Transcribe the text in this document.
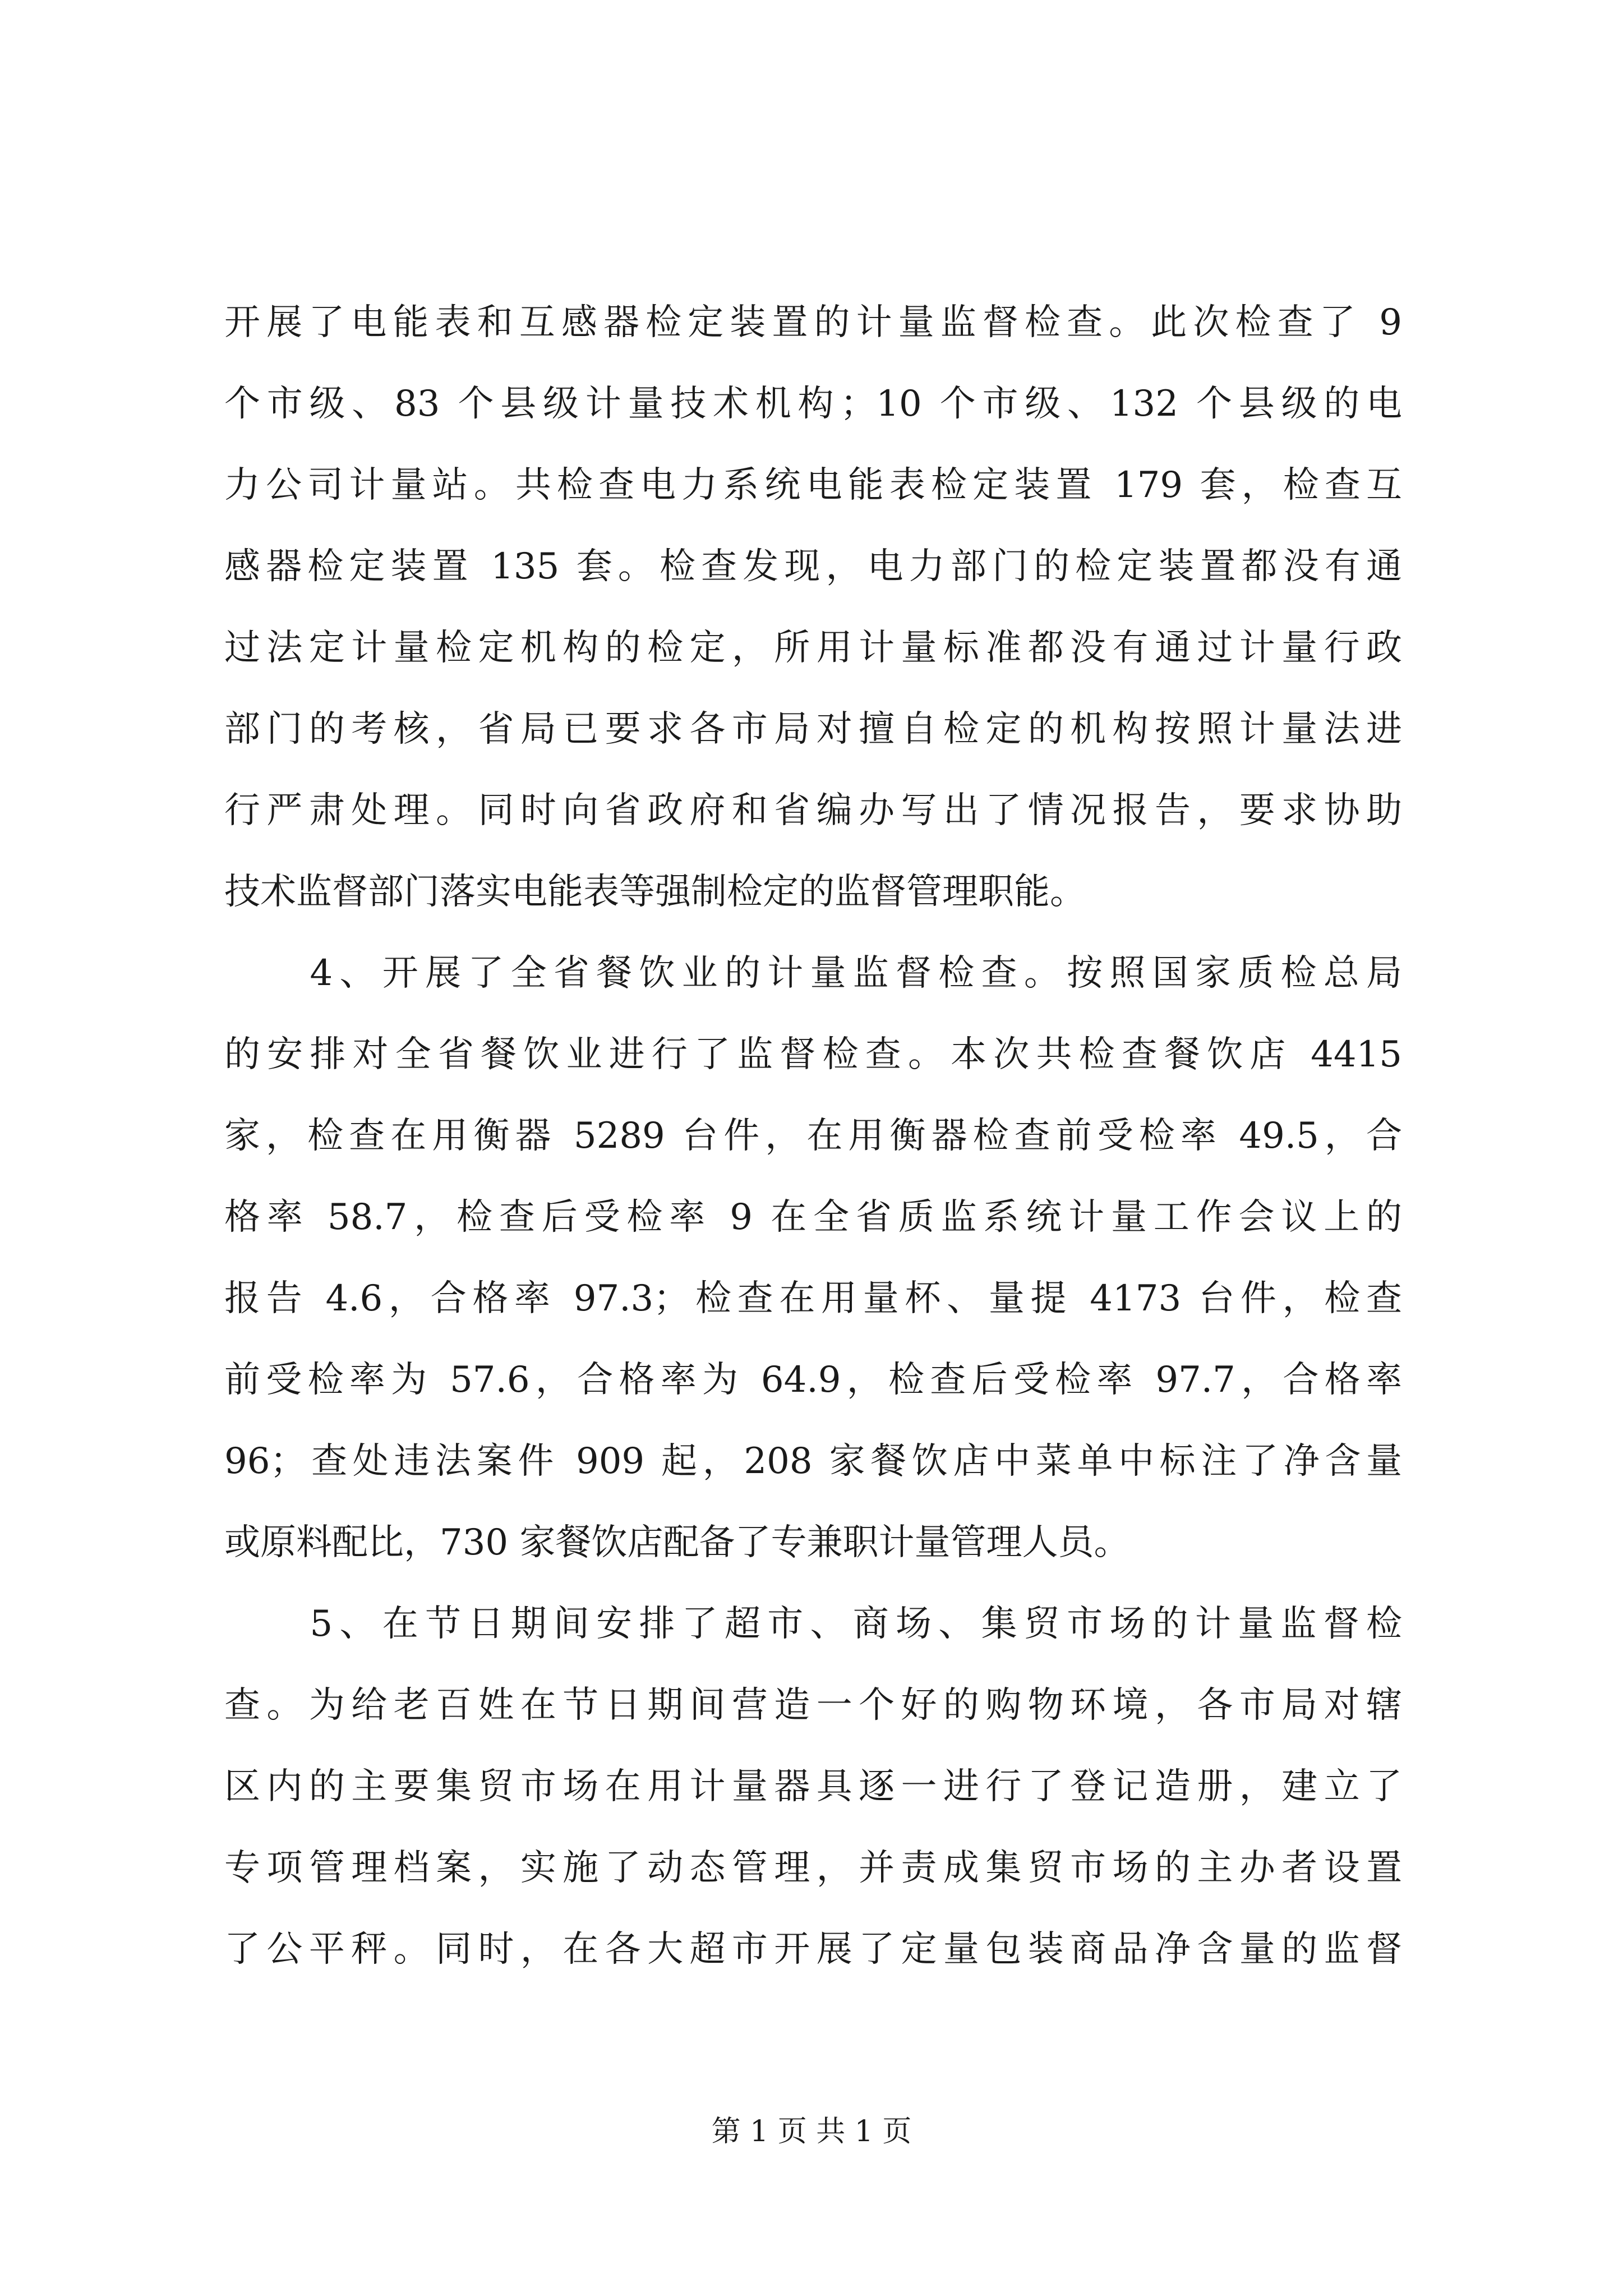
开展了电能表和互感器检定装置的计量监督检查。此次检查了 9
个市级、83 个县级计量技术机构；10 个市级、132 个县级的电
力公司计量站。共检查电力系统电能表检定装置 179 套，检查互
感器检定装置 135 套。检查发现，电力部门的检定装置都没有通
过法定计量检定机构的检定，所用计量标准都没有通过计量行政
部门的考核，省局已要求各市局对擅自检定的机构按照计量法进
行严肃处理。同时向省政府和省编办写出了情况报告，要求协助
技术监督部门落实电能表等强制检定的监督管理职能。
　　4、开展了全省餐饮业的计量监督检查。按照国家质检总局
的安排对全省餐饮业进行了监督检查。本次共检查餐饮店 4415
家，检查在用衡器 5289 台件，在用衡器检查前受检率 49.5，合
格率 58.7，检查后受检率 9 在全省质监系统计量工作会议上的
报告 4.6，合格率 97.3；检查在用量杯、量提 4173 台件，检查
前受检率为 57.6，合格率为 64.9，检查后受检率 97.7，合格率
96；查处违法案件 909 起，208 家餐饮店中菜单中标注了净含量
或原料配比，730 家餐饮店配备了专兼职计量管理人员。
　　5、在节日期间安排了超市、商场、集贸市场的计量监督检
查。为给老百姓在节日期间营造一个好的购物环境，各市局对辖
区内的主要集贸市场在用计量器具逐一进行了登记造册，建立了
专项管理档案，实施了动态管理，并责成集贸市场的主办者设置
了公平秤。同时，在各大超市开展了定量包装商品净含量的监督
第 1 页 共 1 页
